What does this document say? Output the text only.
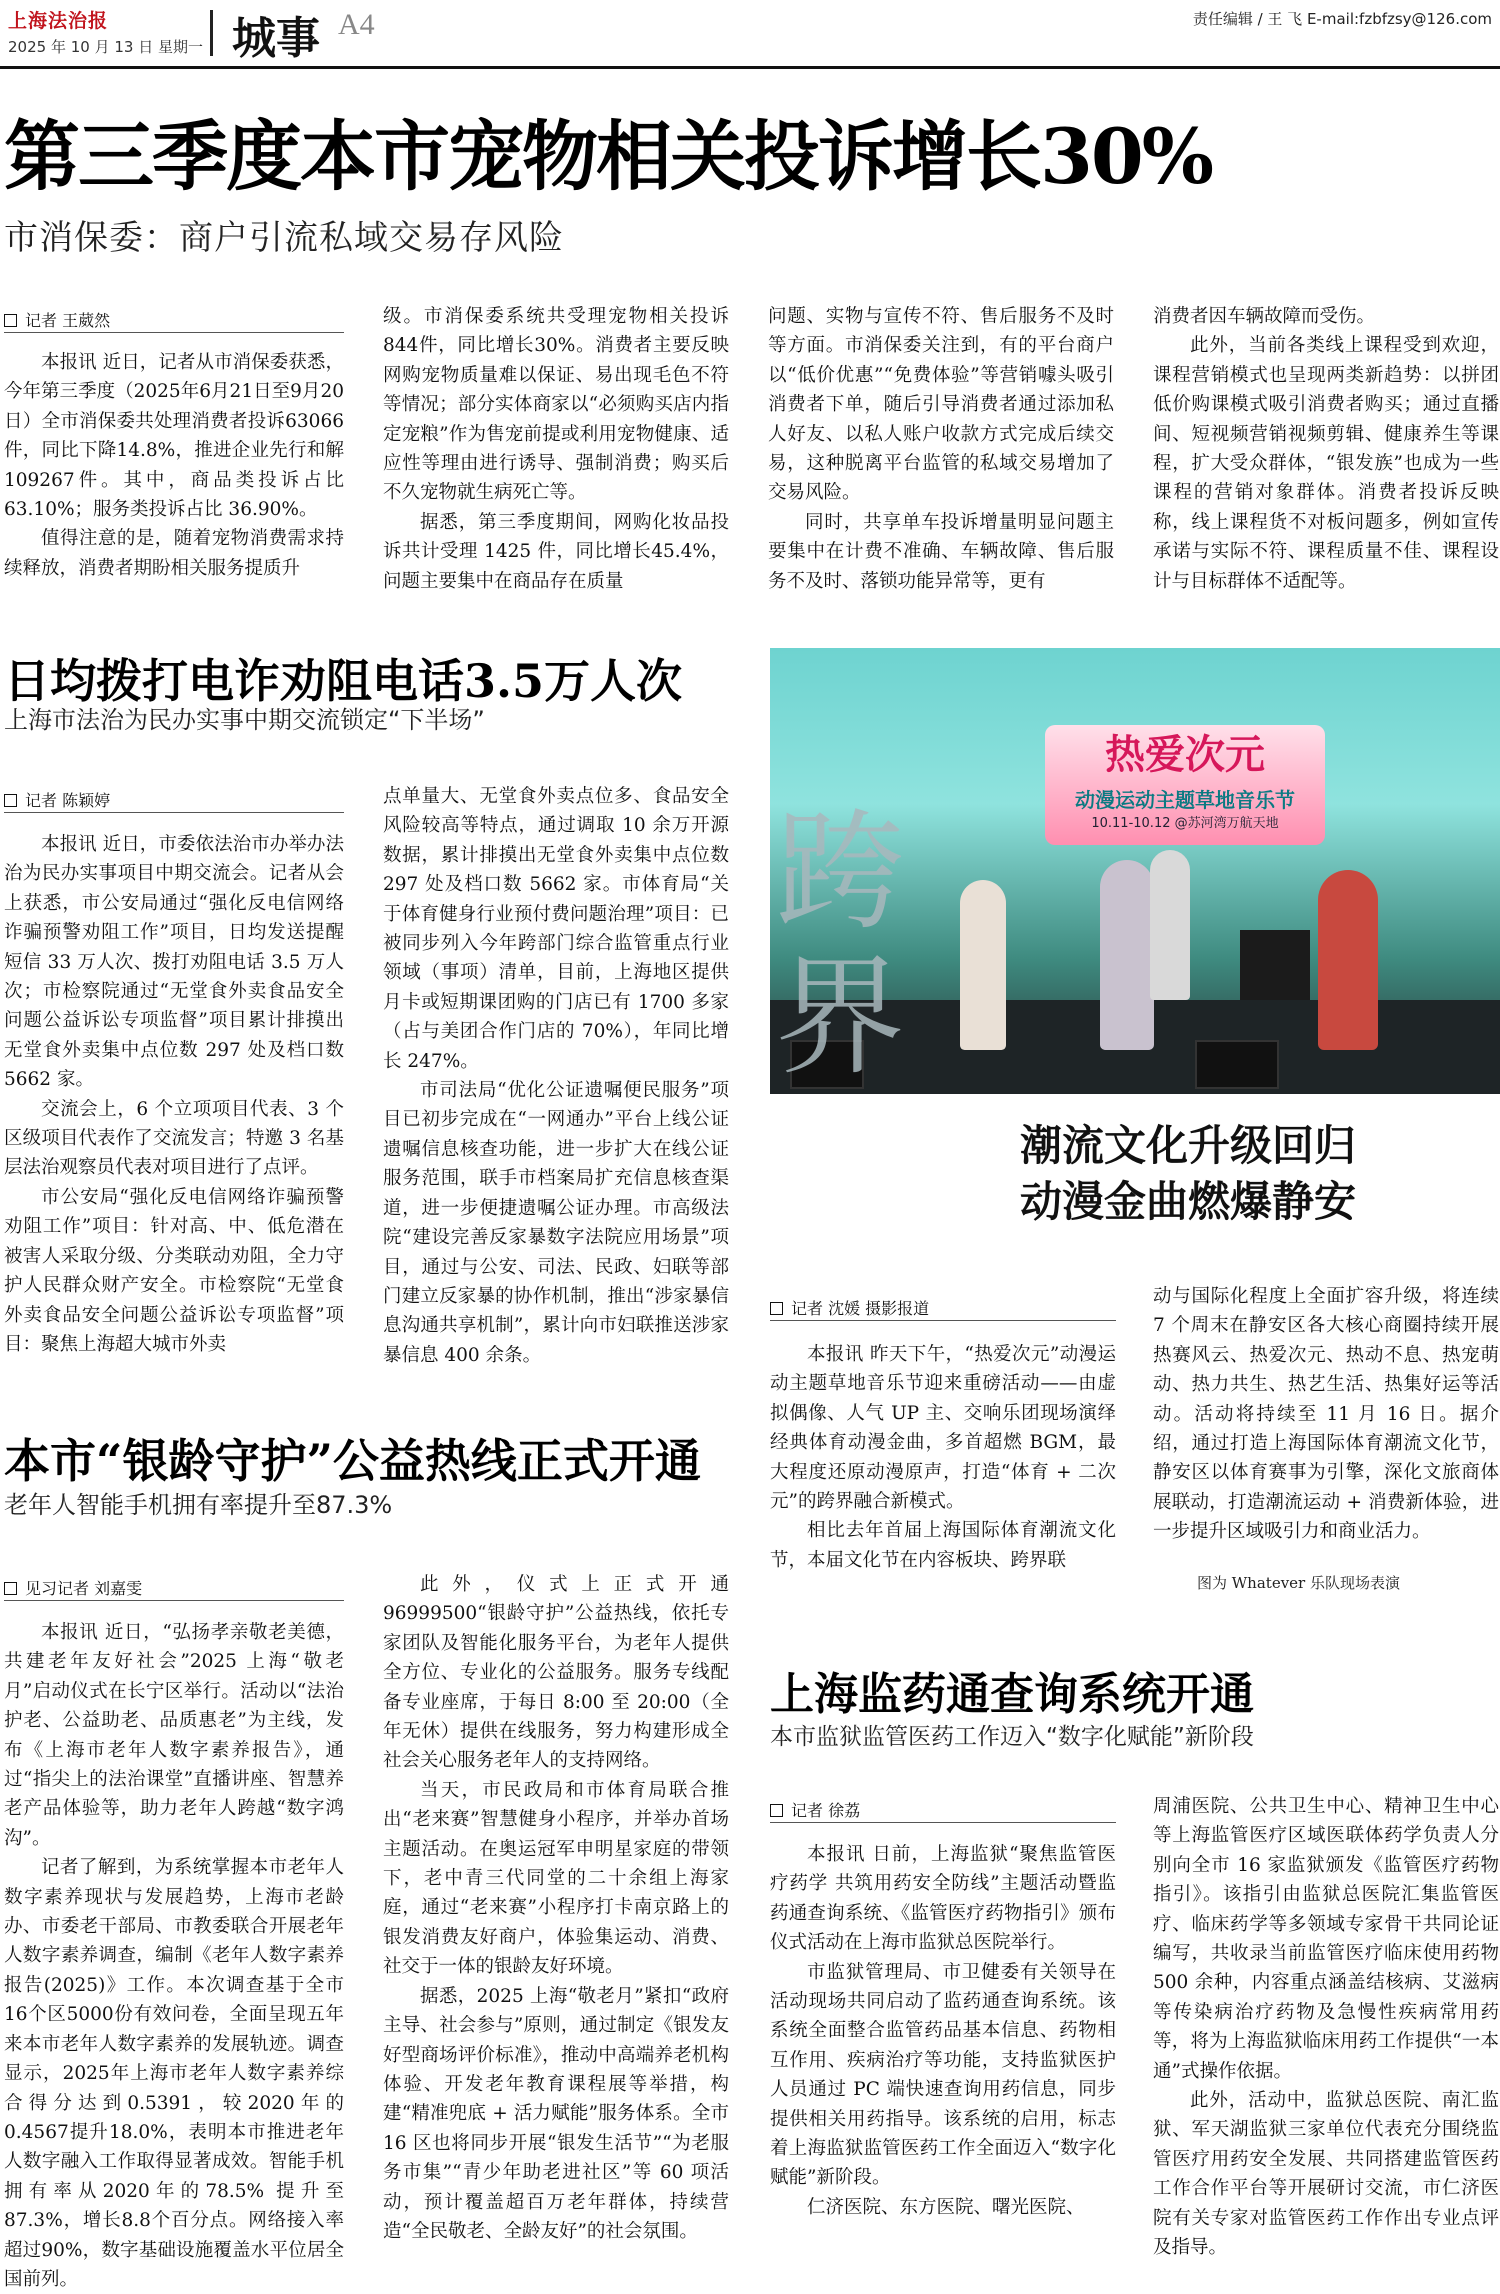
上海法治报
2025 年 10 月 13 日 星期一 城事 A4	责任编辑 / 王 飞 E-mail:fzbfzsy@126.com
第三季度本市宠物相关投诉增长30%
市消保委：商户引流私域交易存风险
记者 王葳然

本报讯 近日，记者从市消保委获悉，今年第三季度（2025年6月21日至9月20日）全市消保委共处理消费者投诉63066件，同比下降14.8%，推进企业先行和解109267件。其中，商品类投诉占比63.10%；服务类投诉占比 36.90%。

值得注意的是，随着宠物消费需求持续释放，消费者期盼相关服务提质升

级。市消保委系统共受理宠物相关投诉844件，同比增长30%。消费者主要反映网购宠物质量难以保证、易出现毛色不符等情况；部分实体商家以“必须购买店内指定宠粮”作为售宠前提或利用宠物健康、适应性等理由进行诱导、强制消费；购买后不久宠物就生病死亡等。

据悉，第三季度期间，网购化妆品投诉共计受理 1425 件，同比增长45.4%，问题主要集中在商品存在质量

问题、实物与宣传不符、售后服务不及时等方面。市消保委关注到，有的平台商户以“低价优惠”“免费体验”等营销噱头吸引消费者下单，随后引导消费者通过添加私人好友、以私人账户收款方式完成后续交易，这种脱离平台监管的私域交易增加了交易风险。

同时，共享单车投诉增量明显问题主要集中在计费不准确、车辆故障、售后服务不及时、落锁功能异常等，更有

消费者因车辆故障而受伤。

此外，当前各类线上课程受到欢迎，课程营销模式也呈现两类新趋势：以拼团低价购课模式吸引消费者购买；通过直播间、短视频营销视频剪辑、健康养生等课程，扩大受众群体，“银发族”也成为一些课程的营销对象群体。消费者投诉反映称，线上课程货不对板问题多，例如宣传承诺与实际不符、课程质量不佳、课程设计与目标群体不适配等。

日均拨打电诈劝阻电话3.5万人次
上海市法治为民办实事中期交流锁定“下半场”
记者 陈颖婷

本报讯 近日，市委依法治市办举办法治为民办实事项目中期交流会。记者从会上获悉，市公安局通过“强化反电信网络诈骗预警劝阻工作”项目，日均发送提醒短信 33 万人次、拨打劝阻电话 3.5 万人次；市检察院通过“无堂食外卖食品安全问题公益诉讼专项监督”项目累计排摸出无堂食外卖集中点位数 297 处及档口数 5662 家。

交流会上，6 个立项项目代表、3 个区级项目代表作了交流发言；特邀 3 名基层法治观察员代表对项目进行了点评。

市公安局“强化反电信网络诈骗预警劝阻工作”项目：针对高、中、低危潜在被害人采取分级、分类联动劝阻，全力守护人民群众财产安全。市检察院“无堂食外卖食品安全问题公益诉讼专项监督”项目：聚焦上海超大城市外卖

点单量大、无堂食外卖点位多、食品安全风险较高等特点，通过调取 10 余万开源数据，累计排摸出无堂食外卖集中点位数 297 处及档口数 5662 家。市体育局“关于体育健身行业预付费问题治理”项目：已被同步列入今年跨部门综合监管重点行业领域（事项）清单，目前，上海地区提供月卡或短期课团购的门店已有 1700 多家（占与美团合作门店的 70%），年同比增长 247%。

市司法局“优化公证遗嘱便民服务”项目已初步完成在“一网通办”平台上线公证遗嘱信息核查功能，进一步扩大在线公证服务范围，联手市档案局扩充信息核查渠道，进一步便捷遗嘱公证办理。市高级法院“建设完善反家暴数字法院应用场景”项目，通过与公安、司法、民政、妇联等部门建立反家暴的协作机制，推出“涉家暴信息沟通共享机制”，累计向市妇联推送涉家暴信息 400 余条。

本市“银龄守护”公益热线正式开通
老年人智能手机拥有率提升至87.3%
见习记者 刘嘉雯

本报讯 近日，“弘扬孝亲敬老美德，共建老年友好社会”2025 上海“敬老月”启动仪式在长宁区举行。活动以“法治护老、公益助老、品质惠老”为主线，发布《上海市老年人数字素养报告》，通过“指尖上的法治课堂”直播讲座、智慧养老产品体验等，助力老年人跨越“数字鸿沟”。

记者了解到，为系统掌握本市老年人数字素养现状与发展趋势，上海市老龄办、市委老干部局、市教委联合开展老年人数字素养调查，编制《老年人数字素养报告(2025)》工作。本次调查基于全市16个区5000份有效问卷，全面呈现五年来本市老年人数字素养的发展轨迹。调查显示，2025年上海市老年人数字素养综合得分达到0.5391，较2020年的0.4567提升18.0%，表明本市推进老年人数字融入工作取得显著成效。智能手机拥有率从2020年的78.5% 提升至87.3%，增长8.8个百分点。网络接入率超过90%，数字基础设施覆盖水平位居全国前列。

此外，仪式上正式开通 96999500“银龄守护”公益热线，依托专家团队及智能化服务平台，为老年人提供全方位、专业化的公益服务。服务专线配备专业座席，于每日 8:00 至 20:00（全年无休）提供在线服务，努力构建形成全社会关心服务老年人的支持网络。

当天，市民政局和市体育局联合推出“老来赛”智慧健身小程序，并举办首场主题活动。在奥运冠军申明星家庭的带领下，老中青三代同堂的二十余组上海家庭，通过“老来赛”小程序打卡南京路上的银发消费友好商户，体验集运动、消费、社交于一体的银龄友好环境。

据悉，2025 上海“敬老月”紧扣“政府主导、社会参与”原则，通过制定《银发友好型商场评价标准》，推动中高端养老机构体验、开发老年教育课程展等举措，构建“精准兜底 + 活力赋能”服务体系。全市 16 区也将同步开展“银发生活节”“为老服务市集”“青少年助老进社区”等 60 项活动，预计覆盖超百万老年群体，持续营造“全民敬老、全龄友好”的社会氛围。

热爱次元
动漫运动主题草地音乐节
10.11-10.12 @苏河湾万航天地
跨
界
潮流文化升级回归
动漫金曲燃爆静安
记者 沈媛 摄影报道

本报讯 昨天下午，“热爱次元”动漫运动主题草地音乐节迎来重磅活动——由虚拟偶像、人气 UP 主、交响乐团现场演绎经典体育动漫金曲，多首超燃 BGM，最大程度还原动漫原声，打造“体育 + 二次元”的跨界融合新模式。

相比去年首届上海国际体育潮流文化节，本届文化节在内容板块、跨界联

动与国际化程度上全面扩容升级，将连续 7 个周末在静安区各大核心商圈持续开展热赛风云、热爱次元、热动不息、热宠萌动、热力共生、热艺生活、热集好运等活动。活动将持续至 11 月 16 日。据介绍，通过打造上海国际体育潮流文化节，静安区以体育赛事为引擎，深化文旅商体展联动，打造潮流运动 + 消费新体验，进一步提升区域吸引力和商业活力。

图为 Whatever 乐队现场表演
上海监药通查询系统开通
本市监狱监管医药工作迈入“数字化赋能”新阶段
记者 徐荔

本报讯 日前，上海监狱“聚焦监管医疗药学 共筑用药安全防线”主题活动暨监药通查询系统、《监管医疗药物指引》颁布仪式活动在上海市监狱总医院举行。

市监狱管理局、市卫健委有关领导在活动现场共同启动了监药通查询系统。该系统全面整合监管药品基本信息、药物相互作用、疾病治疗等功能，支持监狱医护人员通过 PC 端快速查询用药信息，同步提供相关用药指导。该系统的启用，标志着上海监狱监管医药工作全面迈入“数字化赋能”新阶段。

仁济医院、东方医院、曙光医院、

周浦医院、公共卫生中心、精神卫生中心等上海监管医疗区域医联体药学负责人分别向全市 16 家监狱颁发《监管医疗药物指引》。该指引由监狱总医院汇集监管医疗、临床药学等多领域专家骨干共同论证编写，共收录当前监管医疗临床使用药物 500 余种，内容重点涵盖结核病、艾滋病等传染病治疗药物及急慢性疾病常用药等，将为上海监狱临床用药工作提供“一本通”式操作依据。

此外，活动中，监狱总医院、南汇监狱、军天湖监狱三家单位代表充分围绕监管医疗用药安全发展、共同搭建监管医药工作合作平台等开展研讨交流，市仁济医院有关专家对监管医药工作作出专业点评及指导。
